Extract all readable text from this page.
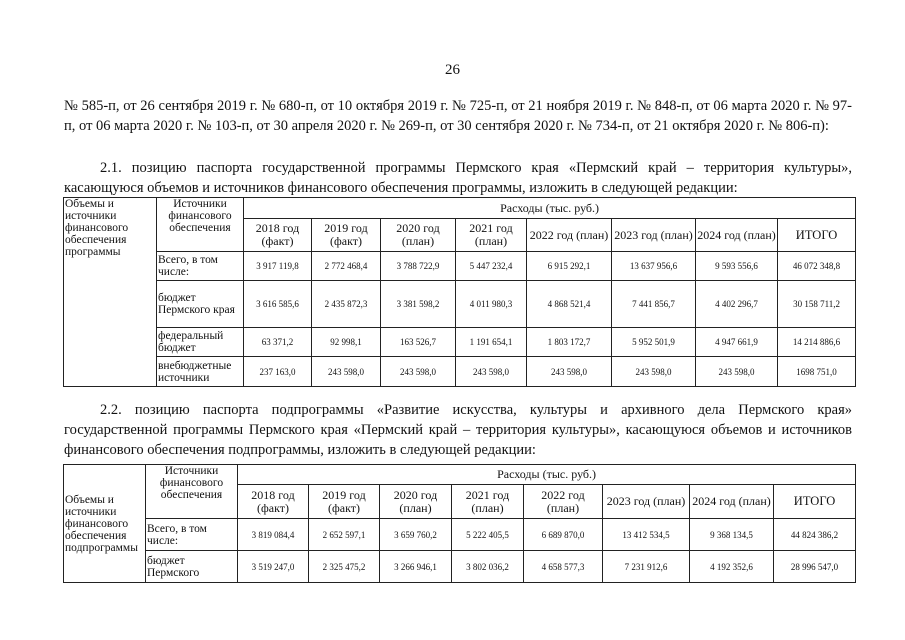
26
№ 585-п, от 26 сентября 2019 г. № 680-п, от 10 октября 2019 г. № 725-п, от 21 ноября 2019 г. № 848-п, от 06 марта 2020 г. № 97-п, от 06 марта 2020 г. № 103-п, от 30 апреля 2020 г. № 269-п, от 30 сентября 2020 г. № 734-п, от 21 октября 2020 г. № 806-п):
2.1. позицию паспорта государственной программы Пермского края «Пермский край – территория культуры», касающуюся объемов и источников финансового обеспечения программы, изложить в следующей редакции:
Объемы и источники финансового обеспечения программы	Источники финансового обеспечения	Расходы (тыс. руб.)							
		2018 год (факт)	2019 год (факт)	2020 год (план)	2021 год (план)	2022 год (план)	2023 год (план)	2024 год (план)	ИТОГО
	Всего, в том числе:	3 917 119,8	2 772 468,4	3 788 722,9	5 447 232,4	6 915 292,1	13 637 956,6	9 593 556,6	46 072 348,8
	бюджет Пермского края	3 616 585,6	2 435 872,3	3 381 598,2	4 011 980,3	4 868 521,4	7 441 856,7	4 402 296,7	30 158 711,2
	федеральный бюджет	63 371,2	92 998,1	163 526,7	1 191 654,1	1 803 172,7	5 952 501,9	4 947 661,9	14 214 886,6
	внебюджетные источники	237 163,0	243 598,0	243 598,0	243 598,0	243 598,0	243 598,0	243 598,0	1698 751,0
2.2. позицию паспорта подпрограммы «Развитие искусства, культуры и архивного дела Пермского края» государственной программы Пермского края «Пермский край – территория культуры», касающуюся объемов и источников финансового обеспечения подпрограммы, изложить в следующей редакции:
Объемы и источники финансового обеспечения подпрограммы	Источники финансового обеспечения	Расходы (тыс. руб.)							
		2018 год (факт)	2019 год (факт)	2020 год (план)	2021 год (план)	2022 год (план)	2023 год (план)	2024 год (план)	ИТОГО
	Всего, в том числе:	3 819 084,4	2 652 597,1	3 659 760,2	5 222 405,5	6 689 870,0	13 412 534,5	9 368 134,5	44 824 386,2
	бюджет Пермского	3 519 247,0	2 325 475,2	3 266 946,1	3 802 036,2	4 658 577,3	7 231 912,6	4 192 352,6	28 996 547,0
